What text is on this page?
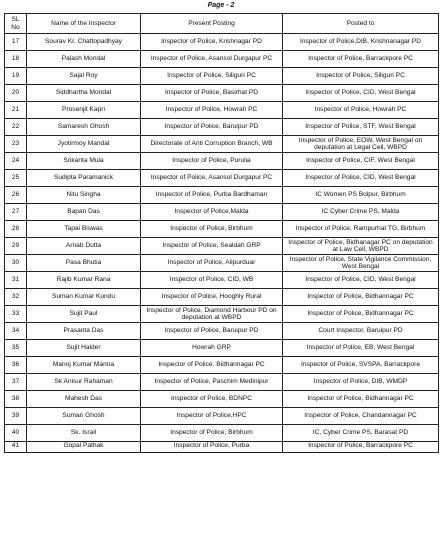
Page - 2
SL No	Name of the Inspector	Present Posting	Posted to
17	Sourav Kr. Chattopadhyay	Inspector of Police, Krishnagar PD	Inspector of Police,DIB, Krishnanagar PD
18	Palash Mondal	Inspector of Police, Asansol Durgapur PC	Inspector of Police, Barrackpore PC
19	Sajal Roy	Inspector of Police, Siliguri PC	Inspector of Police, Siliguri PC
20	Siddhartha Mondal	Inspector of Police, Basirhat PD	Inspector of Police, CID, West Bengal
21	Prosenjit Kapri	Inspector of Police, Howrah PC	Inspector of Police, Howrah PC
22	Samaresh Ghosh	Inspector of Police, Baruipur PD	Inspector of Police, STF, West Bengal
23	Jyotirmoy Mandal	Directorate of Anti Corruption Branch, WB	Inspector of Police, EOW, West Bengal on deputation at Legal Cell, WBPD
24	Srikanta Mula	Inspector of Police, Purulia	Inspector of Police, CIF, West Bengal
25	Sudipta Paramanick	Inspector of Police, Asansol Durgapur PC	Inspector of Police, CID, West Bengal
26	Nitu Singha	Inspector of Police, Purba Bardhaman	IC Women PS Bolpur, Birbhum
27	Bapan Das	Inspector of Police,Malda	IC Cyber Crime PS, Malda
28	Tapai Biswas	Inspector of Police, Birbhum	Inspector of Police, Rampurhat TG, Birbhum
29	Arnab Dutta	Inspector of Police, Sealdah GRP	Inspector of Police, Bidhanagar PC on deputation at Law Cell, WBPD
30	Pasa Bhutia	Inspector of Police, Alipurduar	Inspector of Police, State Vigilance Commission, West Bengal
31	Rajib Kumar Rana	Inspector of Police, CID, WB	Inspector of Police, CID, West Bengal
32	Suman Kumar Kundu	Inspector of Police, Hooghly Rural	Inspector of Police, Bidhannagar PC
33	Sujit Paul	Inspector of Police, Diamond Harbour PD on deputation at WBPD	Inspector of Police, Bidhannagar PC
34	Prasanta Das	Inspector of Police, Baruipur PD	Court Inspector, Baruipur PD
35	Sujit Halder	Howrah GRP	Inspector of Police, EB, West Bengal
36	Manoj Kumar Manna	Inspector of Police, Bidhannagar PC	Inspector of Police, SVSPA, Barrackpore
37	Sk Anisur Rahaman	Inspector of Police, Paschim Medinipur	Inspector of Police, DIB, WMDP
38	Mahesh Das	Inspector of Police, BDNPC	Inspector of Police, Bidhannagar PC
39	Suman Ghosh	Inspector of Police,HPC	Inspector of Police, Chandannagar PC
40	Sk. Israil	Inspector of Police, Birbhum	IC, Cyber Crime PS, Barasat PD
41	Gopal Pathak	Inspector of Police, Purba	Inspector of Police, Barrackpore PC
